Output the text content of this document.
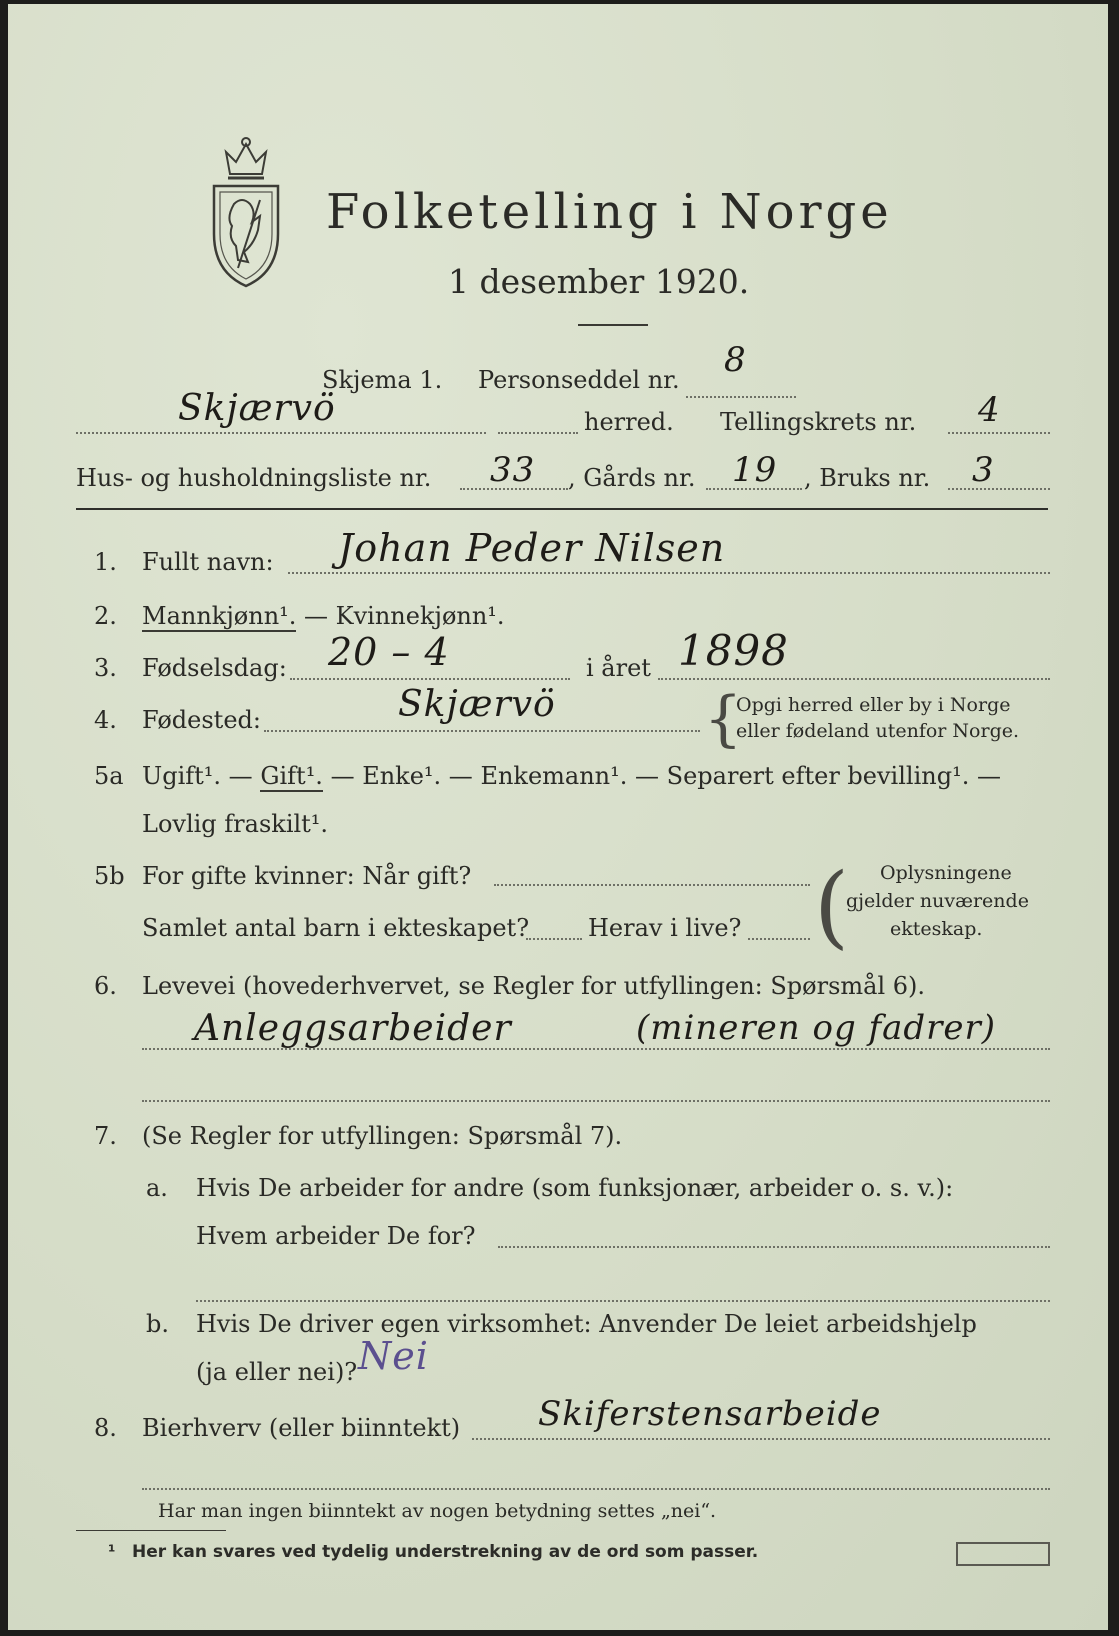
Folketelling i Norge
1 desember 1920.
Skjema 1. Personseddel nr. 8
Skjærvö	herred. Tellingskrets nr. 4
Hus- og husholdningsliste nr. 33 , Gårds nr. 19 , Bruks nr. 3
1. Fullt navn: Johan Peder Nilsen
2. Mannkjønn¹. — Kvinnekjønn¹.
3. Fødselsdag: 20 – 4	i året 1898
4. Fødested:	Skjærvö {
Opgi herred eller by i Norge
eller fødeland utenfor Norge.
5a Ugift¹. — Gift¹. — Enke¹. — Enkemann¹. — Separert efter bevilling¹. —
Lovlig fraskilt¹.
5b For gifte kvinner: Når gift?
Samlet antal barn i ekteskapet? Herav i live? ( Oplysningene
gjelder nuværende
ekteskap.
6. Levevei (hovederhvervet, se Regler for utfyllingen: Spørsmål 6).
Anleggsarbeider	(mineren og fadrer)
7. (Se Regler for utfyllingen: Spørsmål 7).
a. Hvis De arbeider for andre (som funksjonær, arbeider o. s. v.):
Hvem arbeider De for?
b. Hvis De driver egen virksomhet: Anvender De leiet arbeidshjelp
(ja eller nei)? Nei
8. Bierhverv (eller biinntekt) Skiferstensarbeide
Har man ingen biinntekt av nogen betydning settes „nei“.
¹ Her kan svares ved tydelig understrekning av de ord som passer.
